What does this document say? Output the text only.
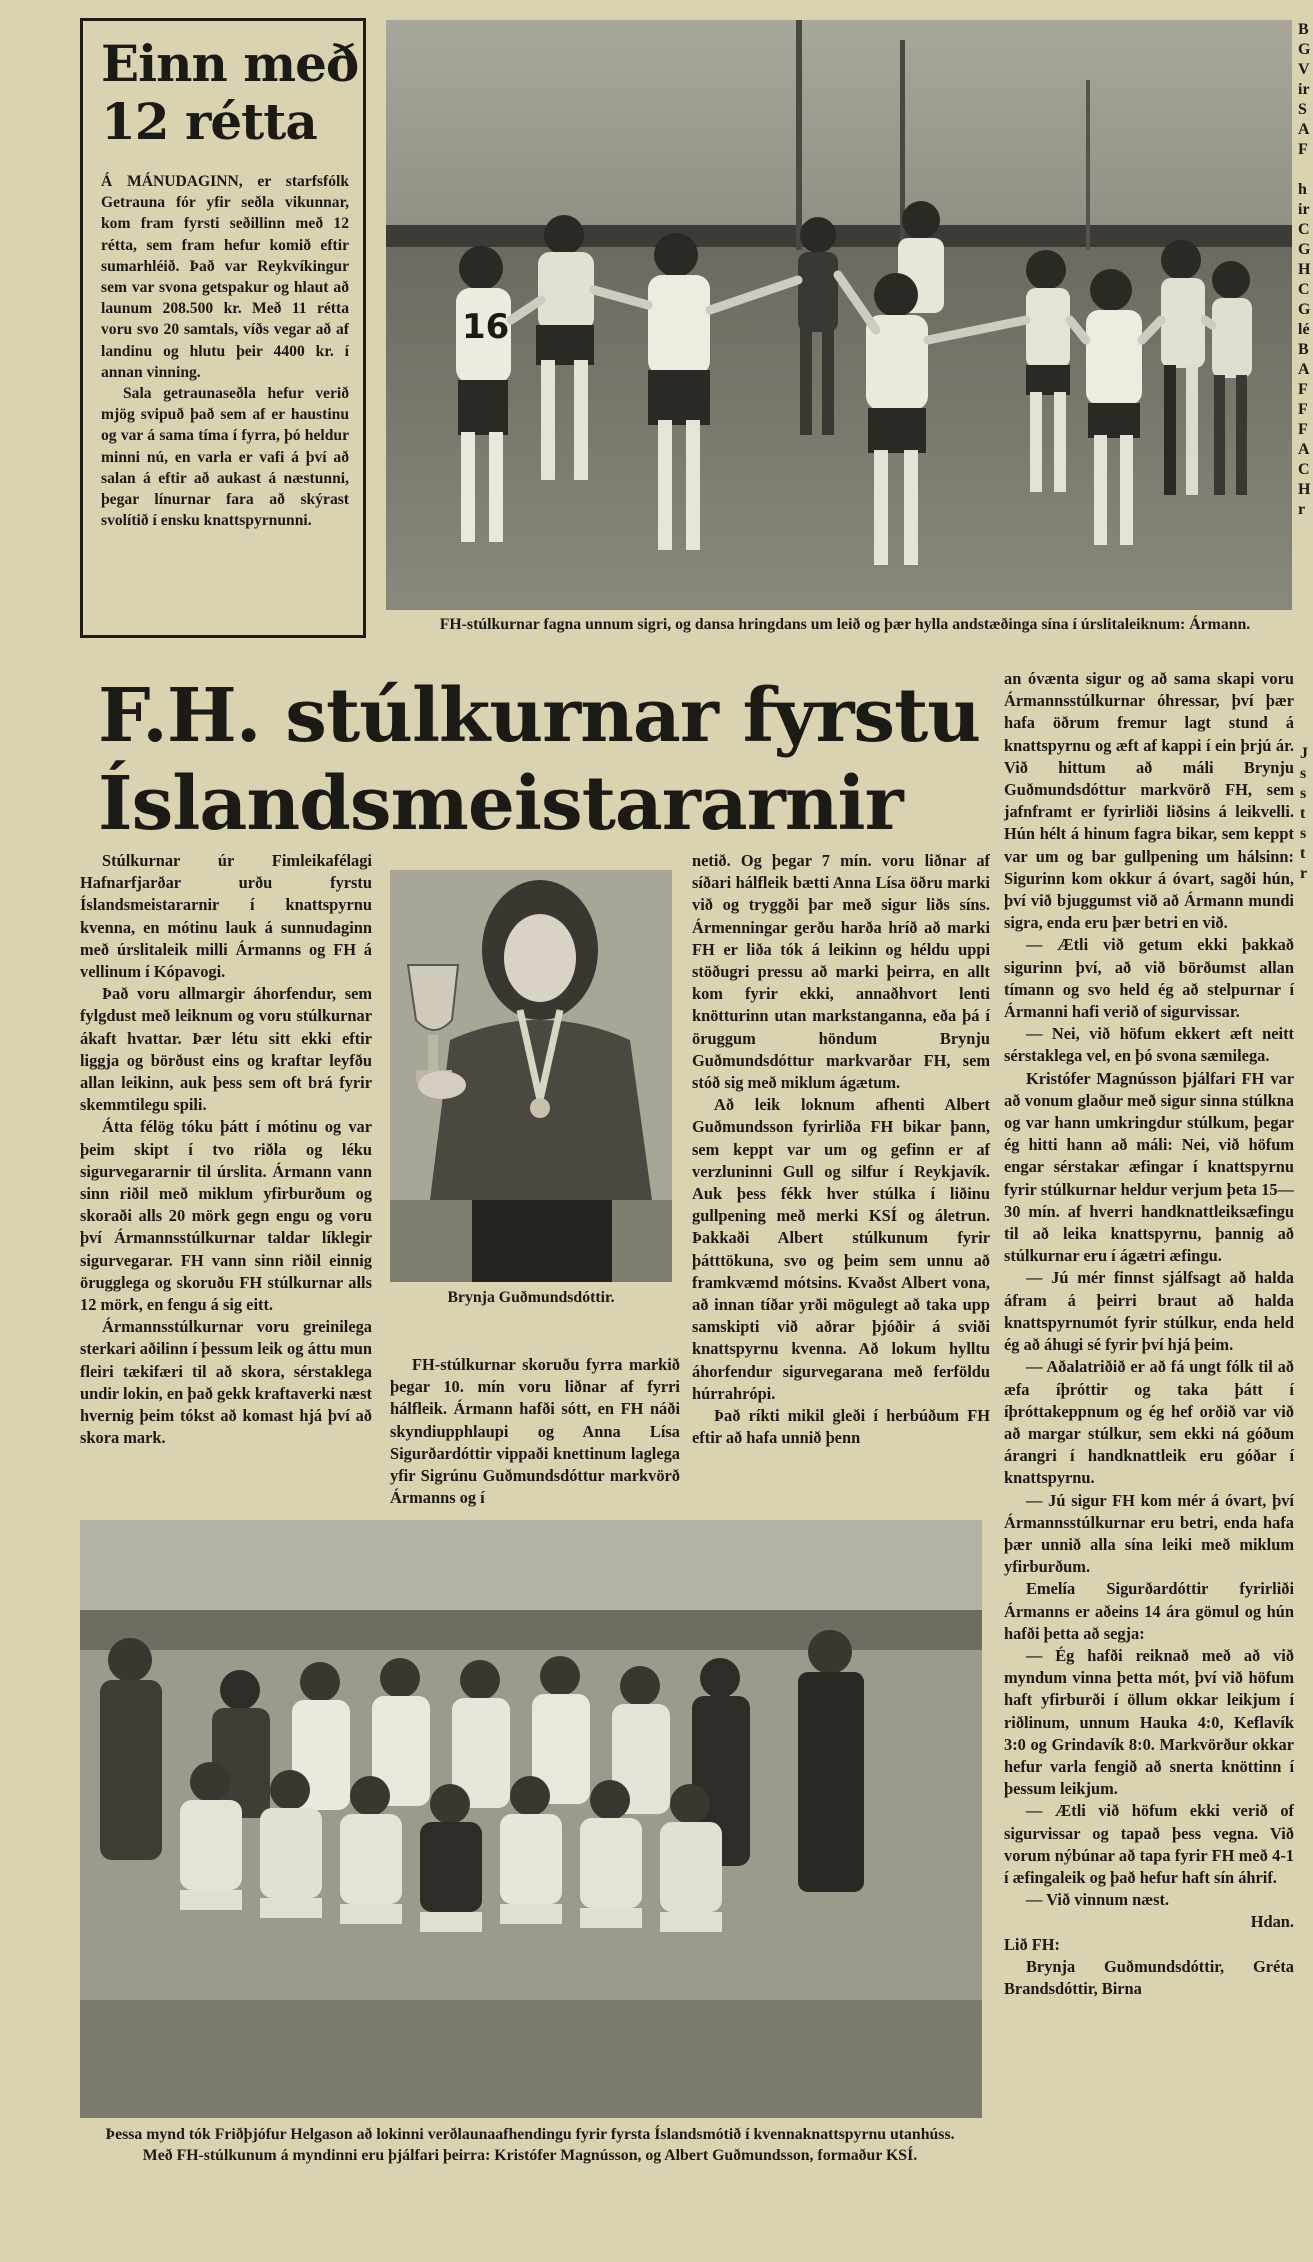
Einn með
12 rétta

Á MÁNUDAGINN, er starfsfólk Getrauna fór yfir seðla vikunnar, kom fram fyrsti seðillinn með 12 rétta, sem fram hefur komið eftir sumarhléið. Það var Reykvíkingur sem var svona getspakur og hlaut að launum 208.500 kr. Með 11 rétta voru svo 20 samtals, víðs vegar að af landinu og hlutu þeir 4400 kr. í annan vinning.

Sala getraunaseðla hefur verið mjög svipuð það sem af er haustinu og var á sama tíma í fyrra, þó heldur minni nú, en varla er vafi á því að salan á eftir að aukast á næstunni, þegar línurnar fara að skýrast svolítið í ensku knattspyrnunni.

16
FH-stúlkurnar fagna unnum sigri, og dansa hringdans um leið og þær hylla andstæðinga sína í úrslitaleiknum: Ármann.
F.H. stúlkurnar fyrstu
Íslandsmeistararnir

Stúlkurnar úr Fimleikafélagi Hafnarfjarðar urðu fyrstu Íslandsmeistararnir í knattspyrnu kvenna, en mótinu lauk á sunnudaginn með úrslitaleik milli Ármanns og FH á vellinum í Kópavogi.

Það voru allmargir áhorfendur, sem fylgdust með leiknum og voru stúlkurnar ákaft hvattar. Þær létu sitt ekki eftir liggja og börðust eins og kraftar leyfðu allan leikinn, auk þess sem oft brá fyrir skemmtilegu spili.

Átta félög tóku þátt í mótinu og var þeim skipt í tvo riðla og léku sigurvegararnir til úrslita. Ármann vann sinn riðil með miklum yfirburðum og skoraði alls 20 mörk gegn engu og voru því Ármannsstúlkurnar taldar líklegir sigurvegarar. FH vann sinn riðil einnig örugglega og skoruðu FH stúlkurnar alls 12 mörk, en fengu á sig eitt.

Ármannsstúlkurnar voru greinilega sterkari aðilinn í þessum leik og áttu mun fleiri tækifæri til að skora, sérstaklega undir lokin, en það gekk kraftaverki næst hvernig þeim tókst að komast hjá því að skora mark.

Brynja Guðmundsdóttir.

FH-stúlkurnar skoruðu fyrra markið þegar 10. mín voru liðnar af fyrri hálfleik. Ármann hafði sótt, en FH náði skyndiupphlaupi og Anna Lísa Sigurðardóttir vippaði knettinum laglega yfir Sigrúnu Guðmundsdóttur markvörð Ármanns og í

netið. Og þegar 7 mín. voru liðnar af síðari hálfleik bætti Anna Lísa öðru marki við og tryggði þar með sigur liðs síns. Ármenningar gerðu harða hríð að marki FH er liða tók á leikinn og héldu uppi stöðugri pressu að marki þeirra, en allt kom fyrir ekki, annaðhvort lenti knötturinn utan markstanganna, eða þá í öruggum höndum Brynju Guðmundsdóttur markvarðar FH, sem stóð sig með miklum ágætum.

Að leik loknum afhenti Albert Guðmundsson fyrirliða FH bikar þann, sem keppt var um og gefinn er af verzluninni Gull og silfur í Reykjavík. Auk þess fékk hver stúlka í liðinu gullpening með merki KSÍ og áletrun. Þakkaði Albert stúlkunum fyrir þátttökuna, svo og þeim sem unnu að framkvæmd mótsins. Kvaðst Albert vona, að innan tíðar yrði mögulegt að taka upp samskipti við aðrar þjóðir á sviði knattspyrnu kvenna. Að lokum hylltu áhorfendur sigurvegarana með ferföldu húrrahrópi.

Það ríkti mikil gleði í herbúðum FH eftir að hafa unnið þenn

an óvænta sigur og að sama skapi voru Ármannsstúlkurnar óhressar, því þær hafa öðrum fremur lagt stund á knattspyrnu og æft af kappi í ein þrjú ár. Við hittum að máli Brynju Guðmundsdóttur markvörð FH, sem jafnframt er fyrirliði liðsins á leikvelli. Hún hélt á hinum fagra bikar, sem keppt var um og bar gullpening um hálsinn: Sigurinn kom okkur á óvart, sagði hún, því við bjuggumst við að Ármann mundi sigra, enda eru þær betri en við.

— Ætli við getum ekki þakkað sigurinn því, að við börðumst allan tímann og svo held ég að stelpurnar í Ármanni hafi verið of sigurvissar.

— Nei, við höfum ekkert æft neitt sérstaklega vel, en þó svona sæmilega.

Kristófer Magnússon þjálfari FH var að vonum glaður með sigur sinna stúlkna og var hann umkringdur stúlkum, þegar ég hitti hann að máli: Nei, við höfum engar sérstakar æfingar í knattspyrnu fyrir stúlkurnar heldur verjum þeta 15—30 mín. af hverri handknattleiksæfingu til að leika knattspyrnu, þannig að stúlkurnar eru í ágætri æfingu.

— Jú mér finnst sjálfsagt að halda áfram á þeirri braut að halda knattspyrnumót fyrir stúlkur, enda held ég að áhugi sé fyrir því hjá þeim.

— Aðalatriðið er að fá ungt fólk til að æfa íþróttir og taka þátt í íþróttakeppnum og ég hef orðið var við að margar stúlkur, sem ekki ná góðum árangri í handknattleik eru góðar í knattspyrnu.

— Jú sigur FH kom mér á óvart, því Ármannsstúlkurnar eru betri, enda hafa þær unnið alla sína leiki með miklum yfirburðum.

Emelía Sigurðardóttir fyrirliði Ármanns er aðeins 14 ára gömul og hún hafði þetta að segja:

— Ég hafði reiknað með að við myndum vinna þetta mót, því við höfum haft yfirburði í öllum okkar leikjum í riðlinum, unnum Hauka 4:0, Keflavík 3:0 og Grindavík 8:0. Markvörður okkar hefur varla fengið að snerta knöttinn í þessum leikjum.

— Ætli við höfum ekki verið of sigurvissar og tapað þess vegna. Við vorum nýbúnar að tapa fyrir FH með 4-1 í æfingaleik og það hefur haft sín áhrif.

— Við vinnum næst.

Hdan.

Lið FH:

Brynja Guðmundsdóttir, Gréta Brandsdóttir, Birna

Þessa mynd tók Friðþjófur Helgason að lokinni verðlaunaafhendingu fyrir fyrsta Íslandsmótið í kvennaknattspyrnu utanhúss. Með FH-stúlkunum á myndinni eru þjálfari þeirra: Kristófer Magnússon, og Albert Guðmundsson, formaður KSÍ.
B
G
V
ir
S
A
F

h
ir
C
G
H
C
G
lé
B
A
F
F
F
A
C
H
r
J
s
s
t
s
t
r
